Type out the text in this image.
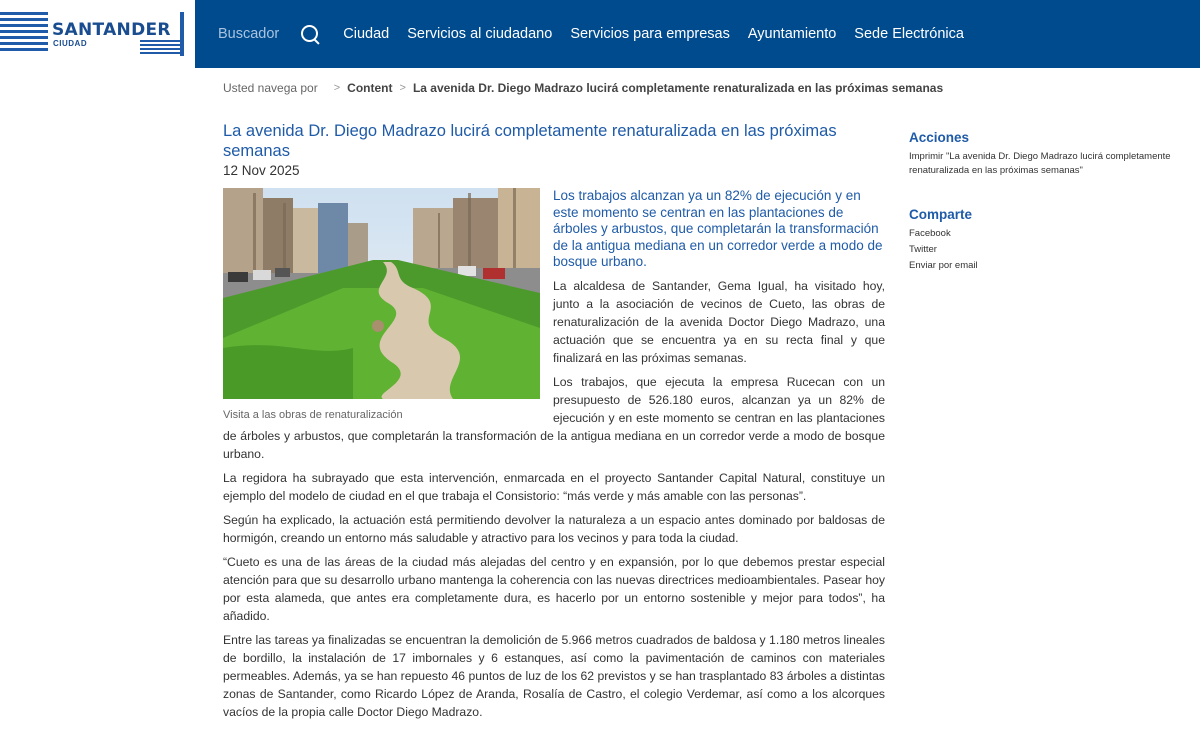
SANTANDER
CIUDAD
Buscador	Ciudad Servicios al ciudadano Servicios para empresas Ayuntamiento Sede Electrónica
Usted navega por > Content > La avenida Dr. Diego Madrazo lucirá completamente renaturalizada en las próximas semanas
La avenida Dr. Diego Madrazo lucirá completamente renaturalizada en las próximas semanas
12 Nov 2025
Visita a las obras de renaturalización

Los trabajos alcanzan ya un 82% de ejecución y en este momento se centran en las plantaciones de árboles y arbustos, que completarán la transformación de la antigua mediana en un corredor verde a modo de bosque urbano.

La alcaldesa de Santander, Gema Igual, ha visitado hoy, junto a la asociación de vecinos de Cueto, las obras de renaturalización de la avenida Doctor Diego Madrazo, una actuación que se encuentra ya en su recta final y que finalizará en las próximas semanas.

Los trabajos, que ejecuta la empresa Rucecan con un presupuesto de 526.180 euros, alcanzan ya un 82% de ejecución y en este momento se centran en las plantaciones de árboles y arbustos, que completarán la transformación de la antigua mediana en un corredor verde a modo de bosque urbano.

La regidora ha subrayado que esta intervención, enmarcada en el proyecto Santander Capital Natural, constituye un ejemplo del modelo de ciudad en el que trabaja el Consistorio: “más verde y más amable con las personas”.

Según ha explicado, la actuación está permitiendo devolver la naturaleza a un espacio antes dominado por baldosas de hormigón, creando un entorno más saludable y atractivo para los vecinos y para toda la ciudad.

“Cueto es una de las áreas de la ciudad más alejadas del centro y en expansión, por lo que debemos prestar especial atención para que su desarrollo urbano mantenga la coherencia con las nuevas directrices medioambientales. Pasear hoy por esta alameda, que antes era completamente dura, es hacerlo por un entorno sostenible y mejor para todos”, ha añadido.

Entre las tareas ya finalizadas se encuentran la demolición de 5.966 metros cuadrados de baldosa y 1.180 metros lineales de bordillo, la instalación de 17 imbornales y 6 estanques, así como la pavimentación de caminos con materiales permeables. Además, ya se han repuesto 46 puntos de luz de los 62 previstos y se han trasplantado 83 árboles a distintas zonas de Santander, como Ricardo López de Aranda, Rosalía de Castro, el colegio Verdemar, así como a los alcorques vacíos de la propia calle Doctor Diego Madrazo.

Acciones
Imprimir "La avenida Dr. Diego Madrazo lucirá completamente renaturalizada en las próximas semanas"
Comparte
Facebook
Twitter
Enviar por email
